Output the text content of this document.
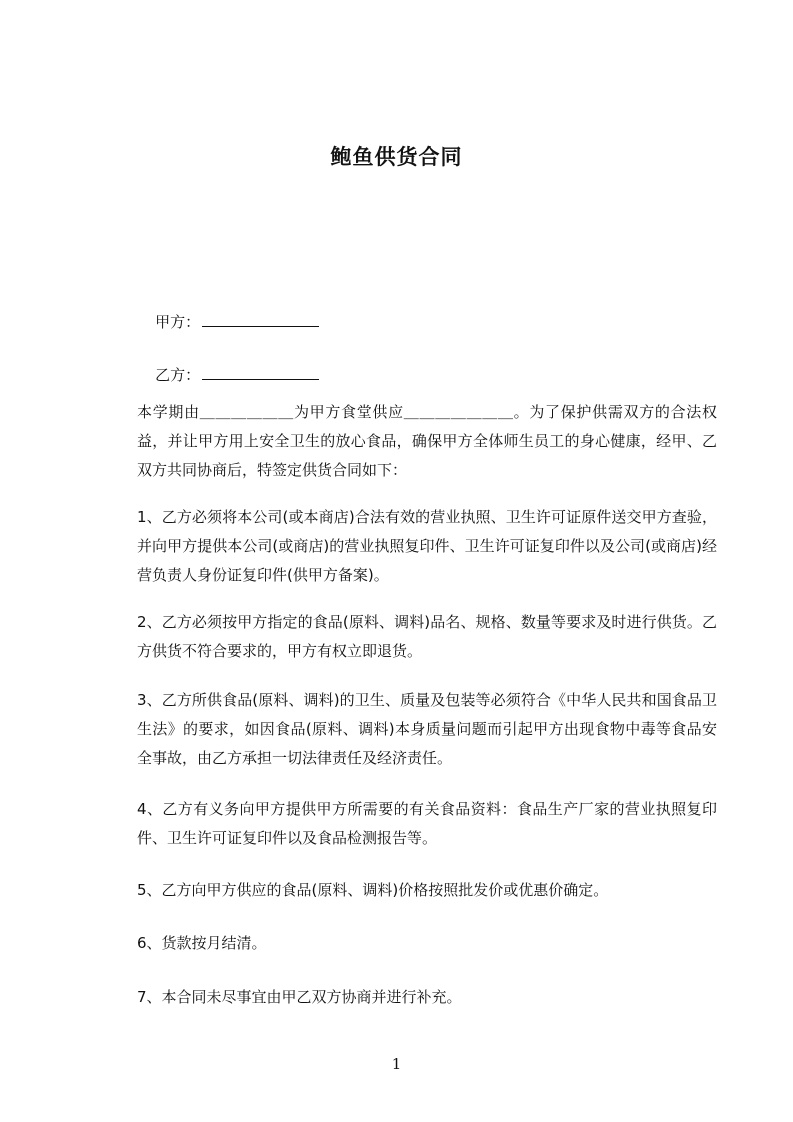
鲍鱼供货合同

甲方：

乙方：

本学期由＿＿＿＿＿＿为甲方食堂供应＿＿＿＿＿＿＿。为了保护供需双方的合法权益，并让甲方用上安全卫生的放心食品，确保甲方全体师生员工的身心健康，经甲、乙双方共同协商后，特签定供货合同如下：
1、乙方必须将本公司(或本商店)合法有效的营业执照、卫生许可证原件送交甲方查验，并向甲方提供本公司(或商店)的营业执照复印件、卫生许可证复印件以及公司(或商店)经营负责人身份证复印件(供甲方备案)。
2、乙方必须按甲方指定的食品(原料、调料)品名、规格、数量等要求及时进行供货。乙方供货不符合要求的，甲方有权立即退货。
3、乙方所供食品(原料、调料)的卫生、质量及包装等必须符合《中华人民共和国食品卫生法》的要求，如因食品(原料、调料)本身质量问题而引起甲方出现食物中毒等食品安全事故，由乙方承担一切法律责任及经济责任。
4、乙方有义务向甲方提供甲方所需要的有关食品资料：食品生产厂家的营业执照复印件、卫生许可证复印件以及食品检测报告等。
5、乙方向甲方供应的食品(原料、调料)价格按照批发价或优惠价确定。
6、货款按月结清。
7、本合同未尽事宜由甲乙双方协商并进行补充。
1
